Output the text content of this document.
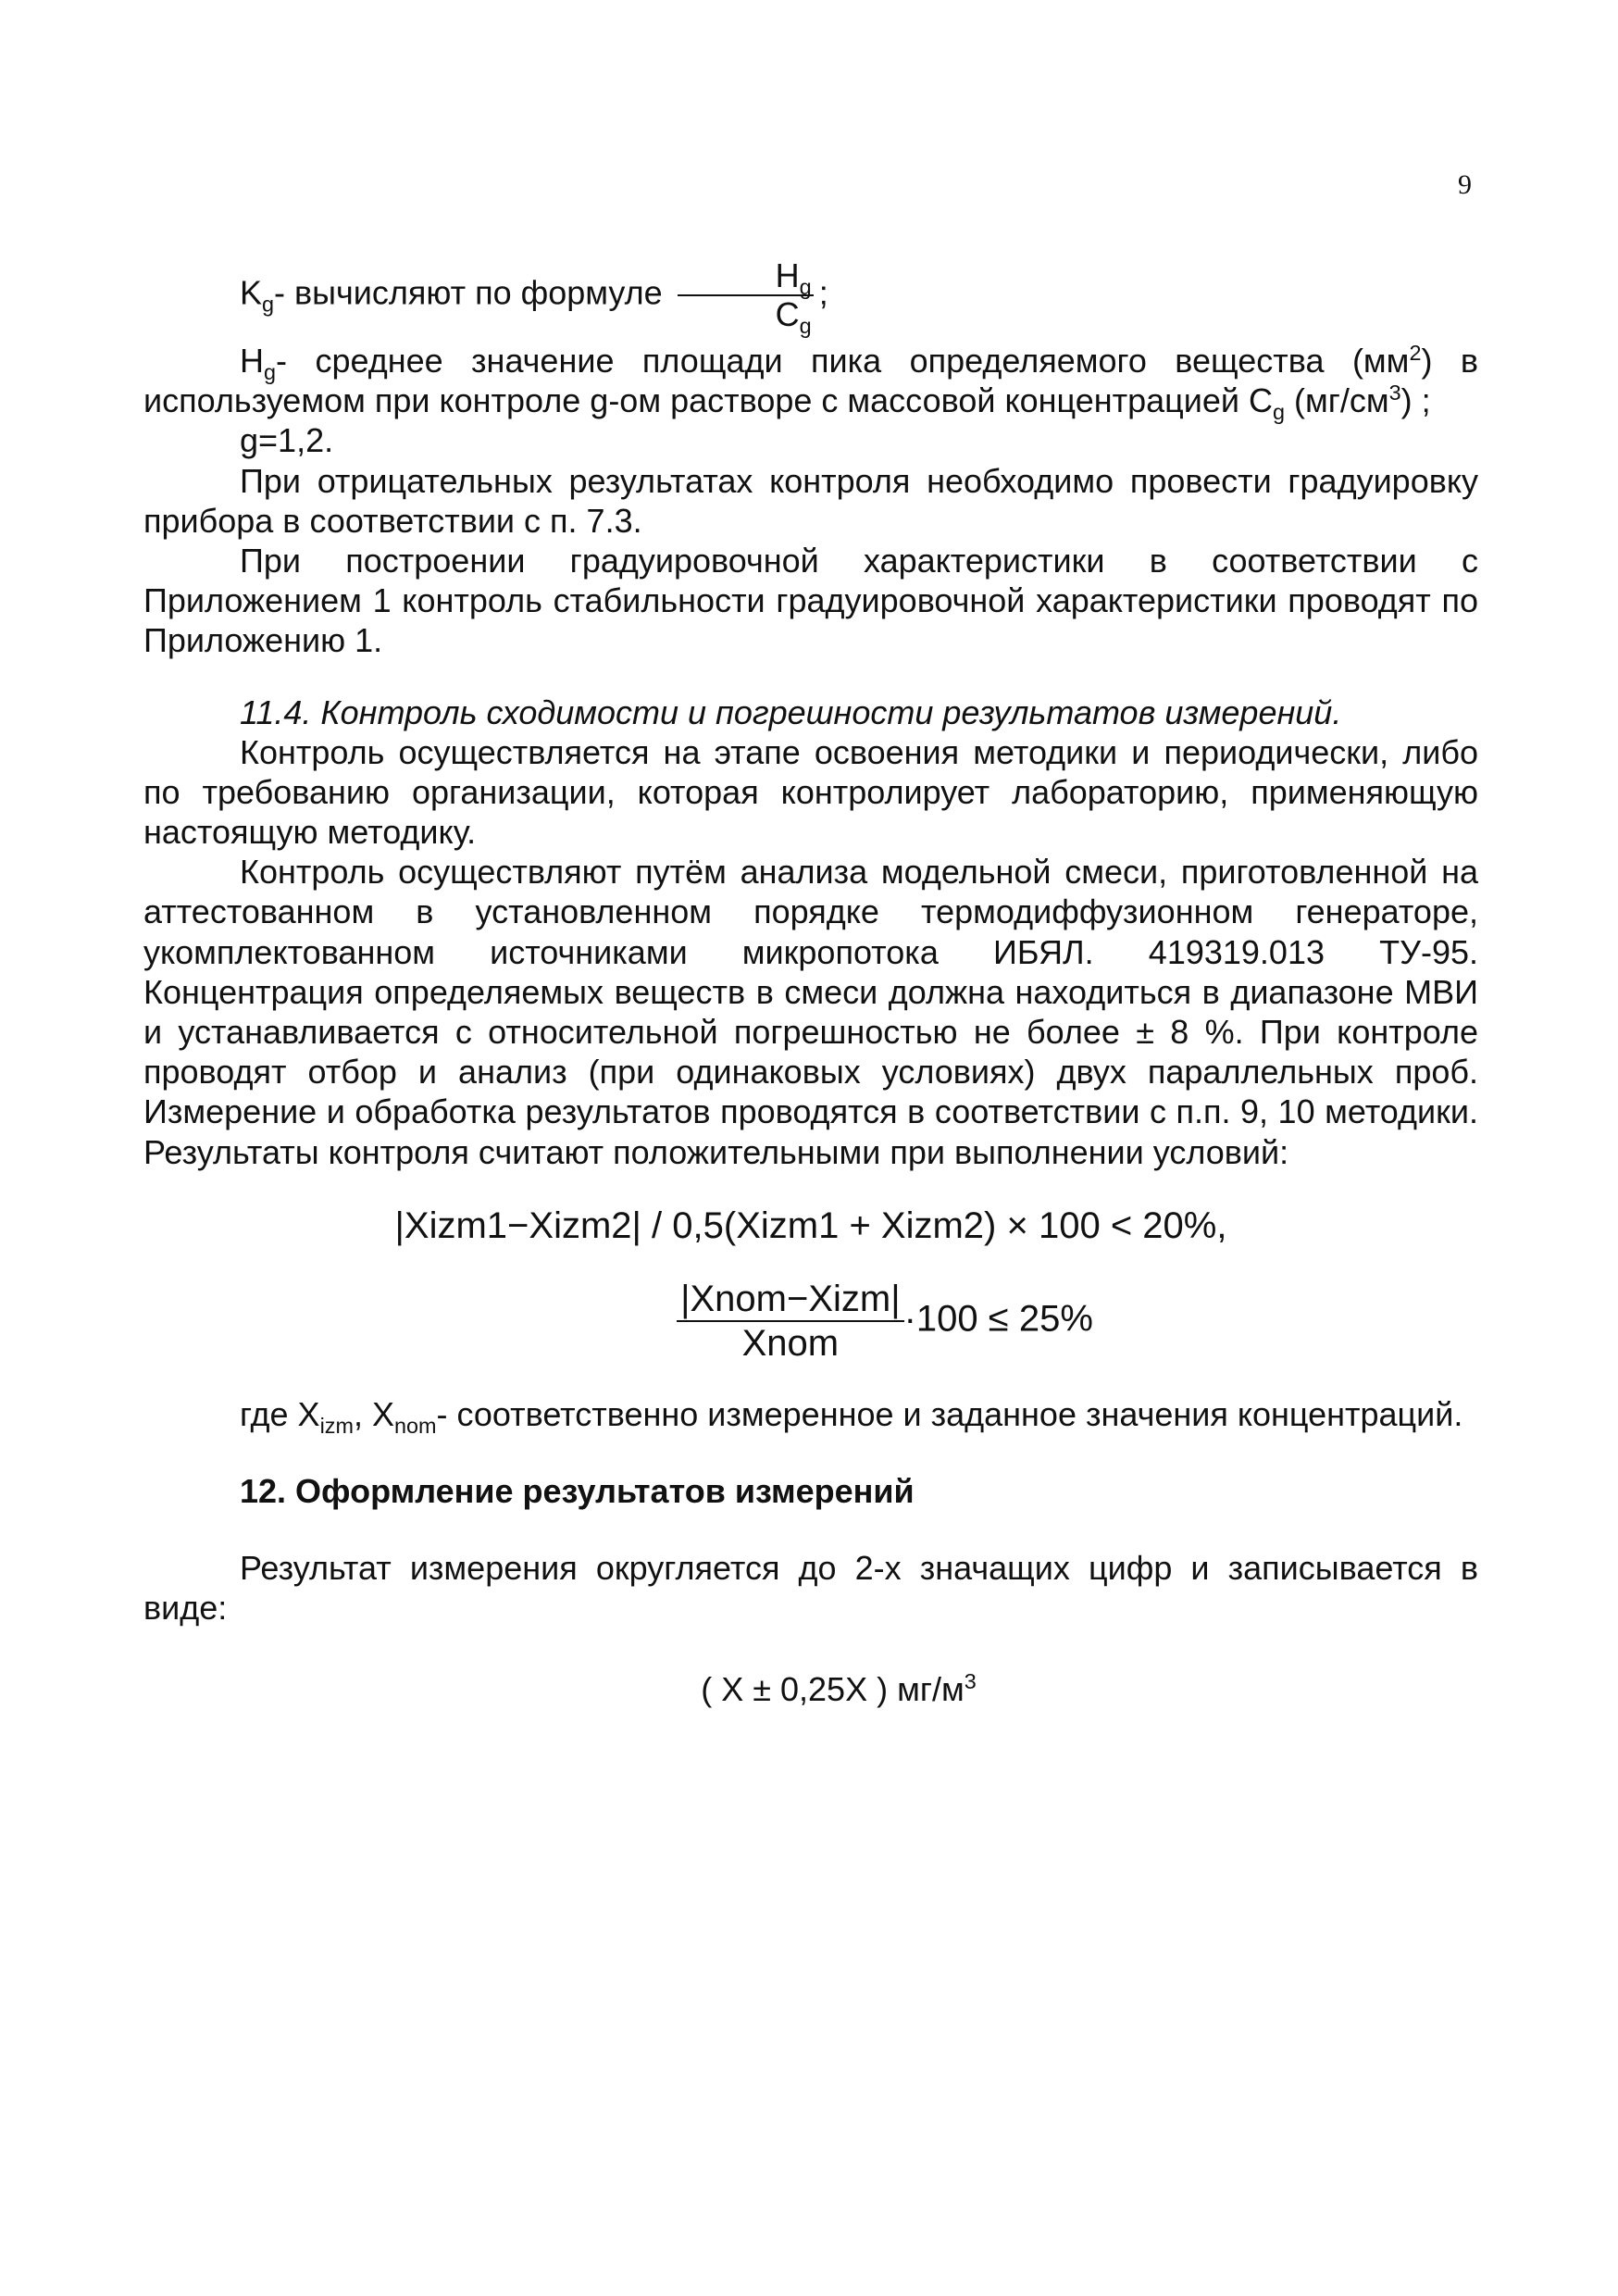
9

$K_g-$ вычисляют по формуле $\frac{H_g}{C_g}$ ;

$H_g-$ среднее значение площади пика определяемого вещества $(мм^2)$ в используемом при контроле g-ом растворе с массовой концентрацией $C_g$ $(мг/см^3)$ ;

g=1,2.

При отрицательных результатах контроля необходимо провести градуировку прибора в соответствии с п. 7.3.

При построении градуировочной характеристики в соответствии с Приложением 1 контроль стабильности градуировочной характеристики проводят по Приложению 1.

11.4. Контроль сходимости и погрешности результатов измерений.

Контроль осуществляется на этапе освоения методики и периодически, либо по требованию организации, которая контролирует лабораторию, применяющую настоящую методику.

Контроль осуществляют путём анализа модельной смеси, приготовленной на аттестованном в установленном порядке термодиффузионном генераторе, укомплектованном источниками микропотока ИБЯЛ. 419319.013 ТУ-95. Концентрация определяемых веществ в смеси должна находиться в диапазоне МВИ и устанавливается с относительной погрешностью не более ± 8 %. При контроле проводят отбор и анализ (при одинаковых условиях) двух параллельных проб. Измерение и обработка результатов проводятся в соответствии с п.п. 9, 10 методики. Результаты контроля считают положительными при выполнении условий:

|Xizm1−Xizm2| / 0,5(Xizm1 + Xizm2) × 100 < 20%,
$\frac{\text{|Xnom−Xizm|}}{\text{Xnom}} \cdot 100 \le 25\%$

где $X_{izm}$, $X_{nom}-$ соответственно измеренное и заданное значения концентраций.

12. Оформление результатов измерений

Результат измерения округляется до 2-х значащих цифр и записывается в виде:

( X ± 0,25X ) $мг/м^3$
